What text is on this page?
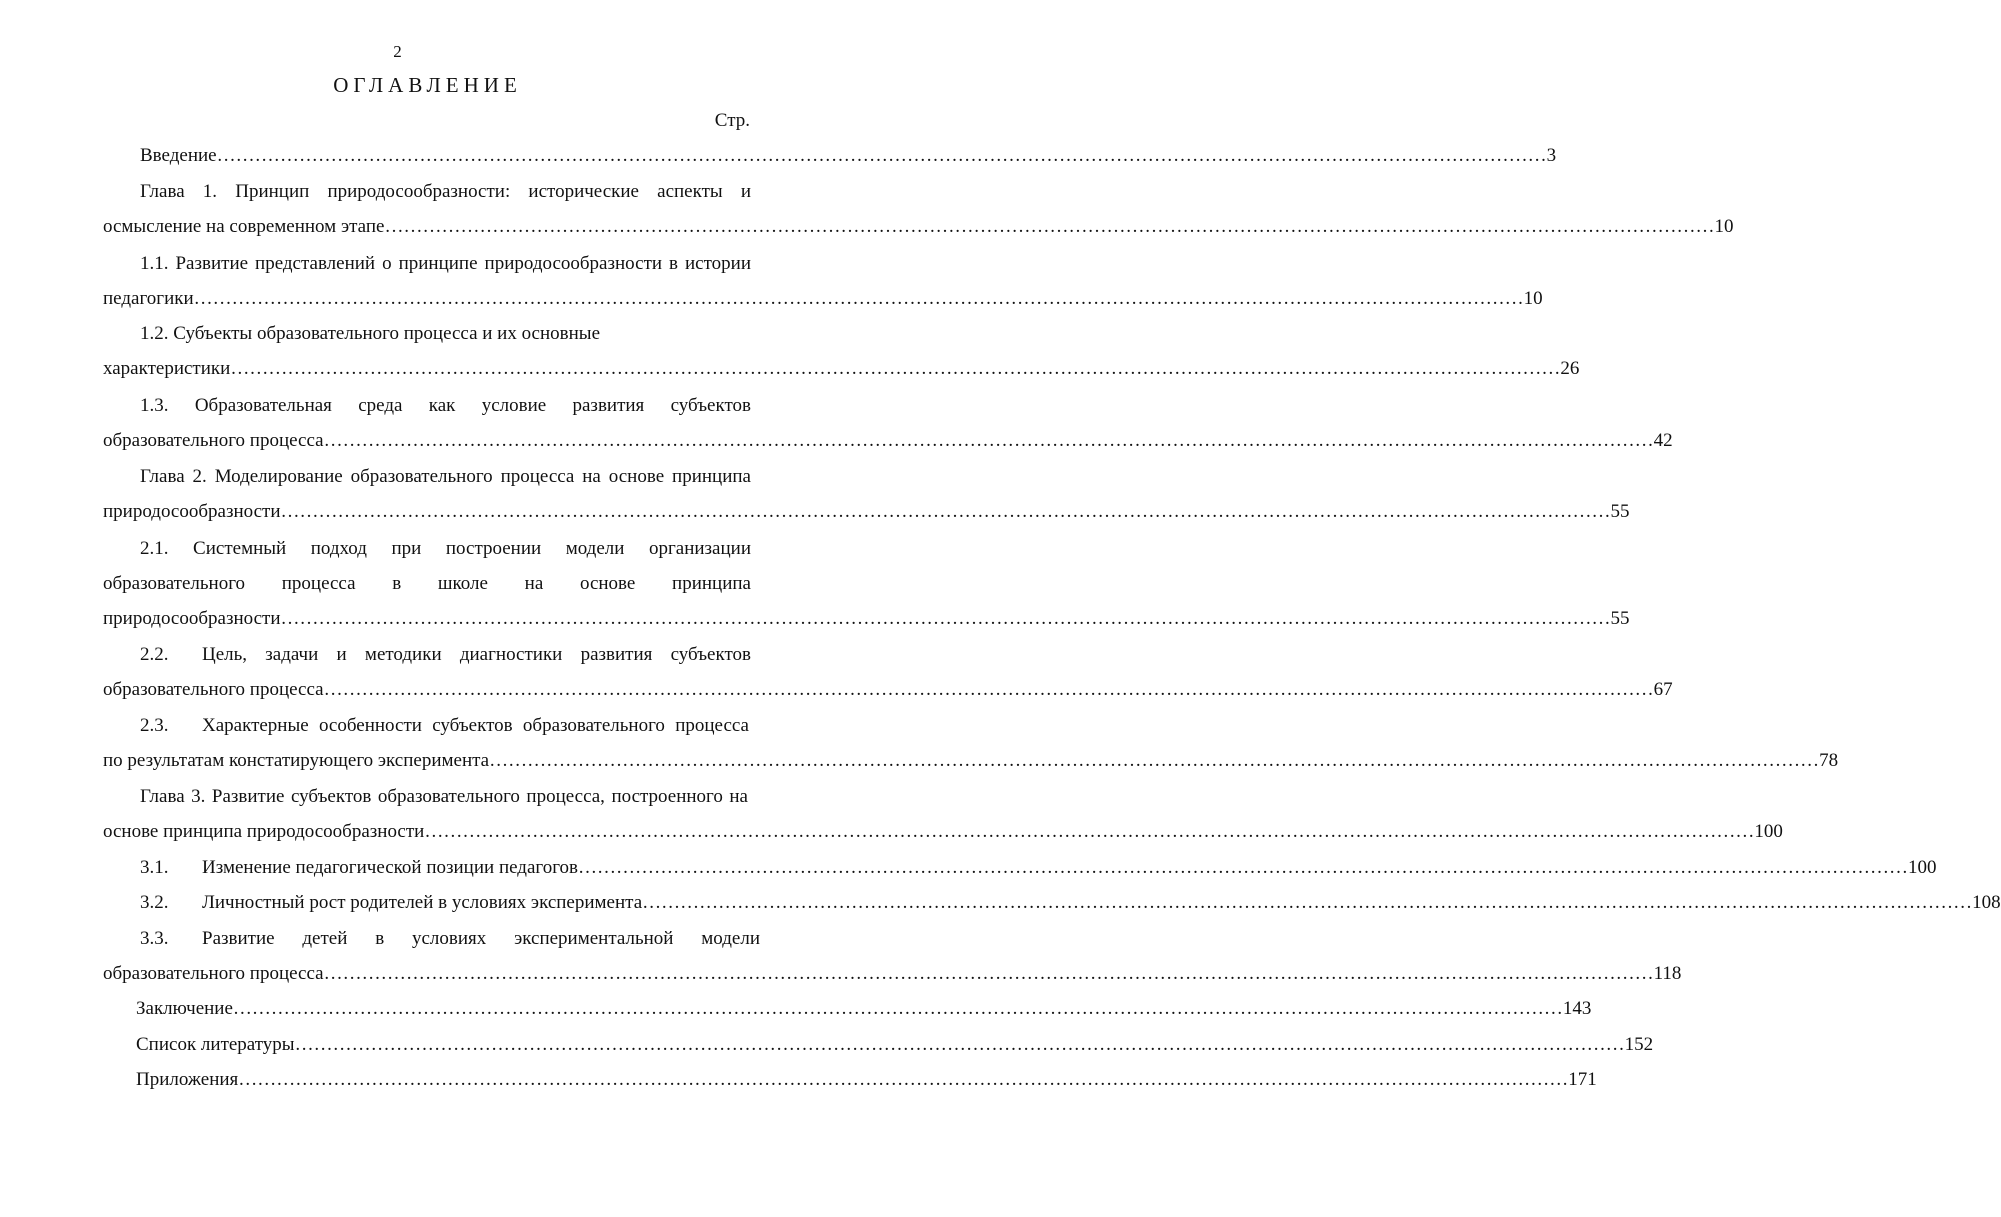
2
ОГЛАВЛЕНИЕ
Стр.
Введение …………………………………………………………………………………………………………………………………………………………………………………………	3
Глава 1. Принцип природосообразности: исторические аспекты и
осмысление на современном этапе …………………………………………………………………………………………………………………………………………………………………………………………	10
1.1. Развитие представлений о принципе природосообразности в истории
педагогики …………………………………………………………………………………………………………………………………………………………………………………………	10
1.2. Субъекты образовательного процесса и их основные
характеристики …………………………………………………………………………………………………………………………………………………………………………………………	26
1.3. Образовательная среда как условие развития субъектов
образовательного процесса …………………………………………………………………………………………………………………………………………………………………………………………	42
Глава 2. Моделирование образовательного процесса на основе принципа
природосообразности …………………………………………………………………………………………………………………………………………………………………………………………	55
2.1. Системный подход при построении модели организации
образовательного процесса в школе на основе принципа
природосообразности …………………………………………………………………………………………………………………………………………………………………………………………	55
2.2.	Цель, задачи и методики диагностики развития субъектов
образовательного процесса …………………………………………………………………………………………………………………………………………………………………………………………	67
2.3.	Характерные особенности субъектов образовательного процесса
по результатам констатирующего эксперимента …………………………………………………………………………………………………………………………………………………………………………………………	78
Глава 3. Развитие субъектов образовательного процесса, построенного на
основе принципа природосообразности …………………………………………………………………………………………………………………………………………………………………………………………	100
3.1.	Изменение педагогической позиции педагогов …………………………………………………………………………………………………………………………………………………………………………………………	100
3.2.	Личностный рост родителей в условиях эксперимента …………………………………………………………………………………………………………………………………………………………………………………………	108
3.3.	Развитие детей в условиях экспериментальной модели
образовательного процесса …………………………………………………………………………………………………………………………………………………………………………………………	118
Заключение …………………………………………………………………………………………………………………………………………………………………………………………	143
Список литературы …………………………………………………………………………………………………………………………………………………………………………………………	152
Приложения …………………………………………………………………………………………………………………………………………………………………………………………	171
